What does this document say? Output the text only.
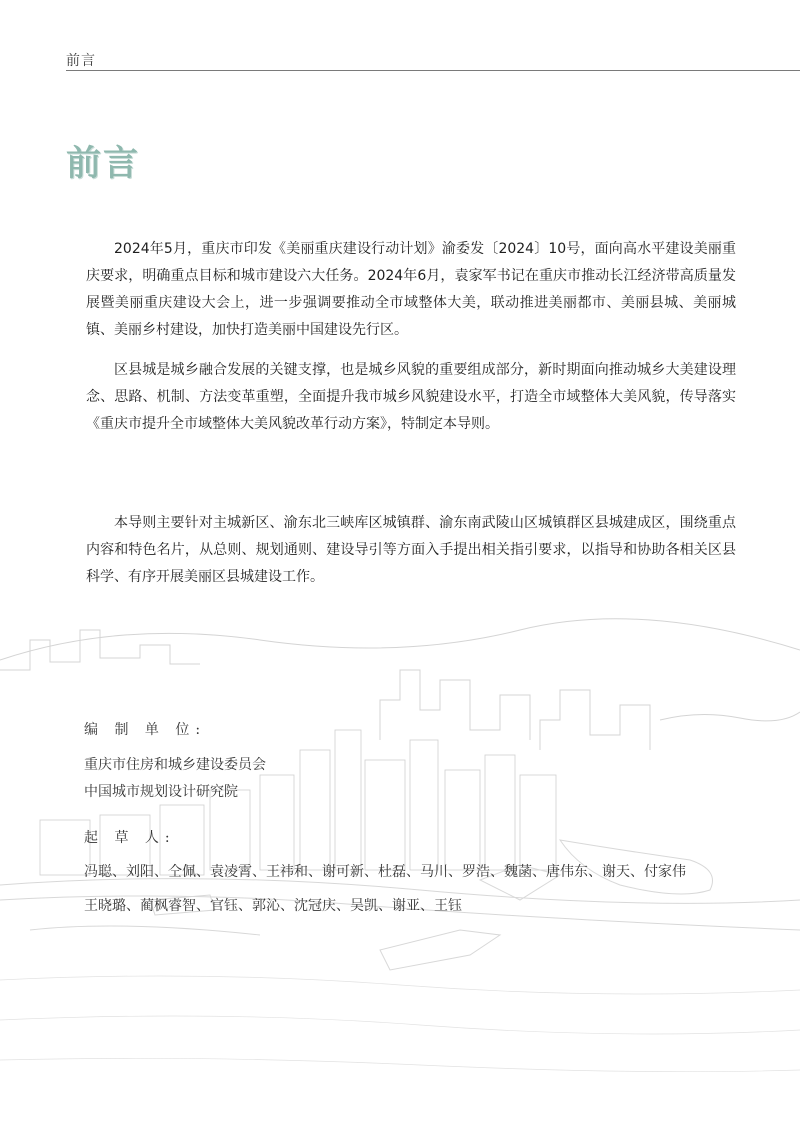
前言
前言

2024年5月，重庆市印发《美丽重庆建设行动计划》渝委发〔2024〕10号，面向高水平建设美丽重庆要求，明确重点目标和城市建设六大任务。2024年6月，袁家军书记在重庆市推动长江经济带高质量发展暨美丽重庆建设大会上，进一步强调要推动全市域整体大美，联动推进美丽都市、美丽县城、美丽城镇、美丽乡村建设，加快打造美丽中国建设先行区。

区县城是城乡融合发展的关键支撑，也是城乡风貌的重要组成部分，新时期面向推动城乡大美建设理念、思路、机制、方法变革重塑，全面提升我市城乡风貌建设水平，打造全市域整体大美风貌，传导落实《重庆市提升全市域整体大美风貌改革行动方案》，特制定本导则。

本导则主要针对主城新区、渝东北三峡库区城镇群、渝东南武陵山区城镇群区县城建成区，围绕重点内容和特色名片，从总则、规划通则、建设导引等方面入手提出相关指引要求，以指导和协助各相关区县科学、有序开展美丽区县城建设工作。

编 制 单 位:
重庆市住房和城乡建设委员会
中国城市规划设计研究院
起 草 人:
冯聪、刘阳、仝佩、袁凌霄、王祎和、谢可新、杜磊、马川、罗浩、魏菡、唐伟东、谢天、付家伟
王晓璐、蔺枫睿智、官钰、郭沁、沈冠庆、吴凯、谢亚、王钰
